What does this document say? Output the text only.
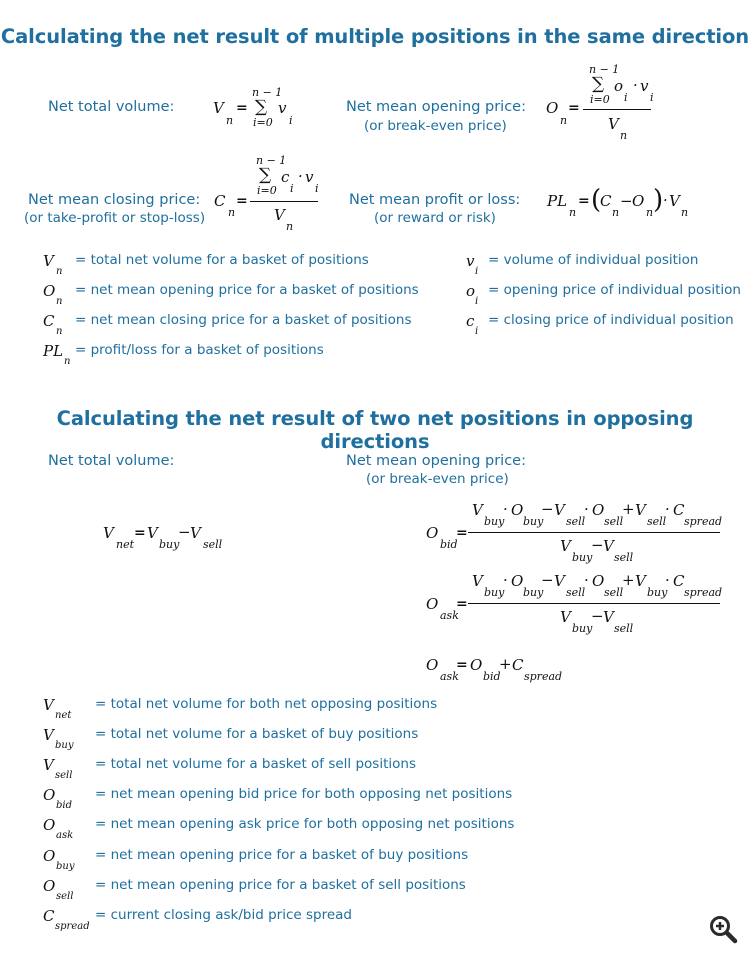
Calculating the net result of multiple positions in the same direction
Net total volume:	V
n
=
n − 1
∑
i=0
v
i
Net mean opening price:
(or break-even price)
O
n
=
n − 1
∑
i=0
o
i
· v
i
V
n
Net mean closing price:
(or take-profit or stop-loss)
C
n
=
n − 1
∑
i=0
c
i
· v
i
V
n
Net mean profit or loss:
(or reward or risk)
PL
n
= (
C
n
− O
n ) · V
n
V
n
= total net volume for a basket of positions
O
n
= net mean opening price for a basket of positions
C
n
= net mean closing price for a basket of positions
PL
n
= profit/loss for a basket of positions
v
i
= volume of individual position
o
i
= opening price of individual position
c
i
= closing price of individual position
Calculating the net result of two net positions in opposing directions
Net total volume:	Net mean opening price:
(or break-even price)
V
net
= V
buy
− V
sell
O
bid
=
V
buy
· O
buy
− V
sell
· O
sell
+ V
sell
· C
spread
V
buy
− V
sell
O
ask
=
V
buy
· O
buy
− V
sell
· O
sell
+ V
buy
· C
spread
V
buy
− V
sell
O
ask
= O
bid
+ C
spread
V
net
= total net volume for both net opposing positions
V
buy
= total net volume for a basket of buy positions
V
sell
= total net volume for a basket of sell positions
O
bid
= net mean opening bid price for both opposing net positions
O
ask
= net mean opening ask price for both opposing net positions
O
buy
= net mean opening price for a basket of buy positions
O
sell
= net mean opening price for a basket of sell positions
C
spread
= current closing ask/bid price spread
